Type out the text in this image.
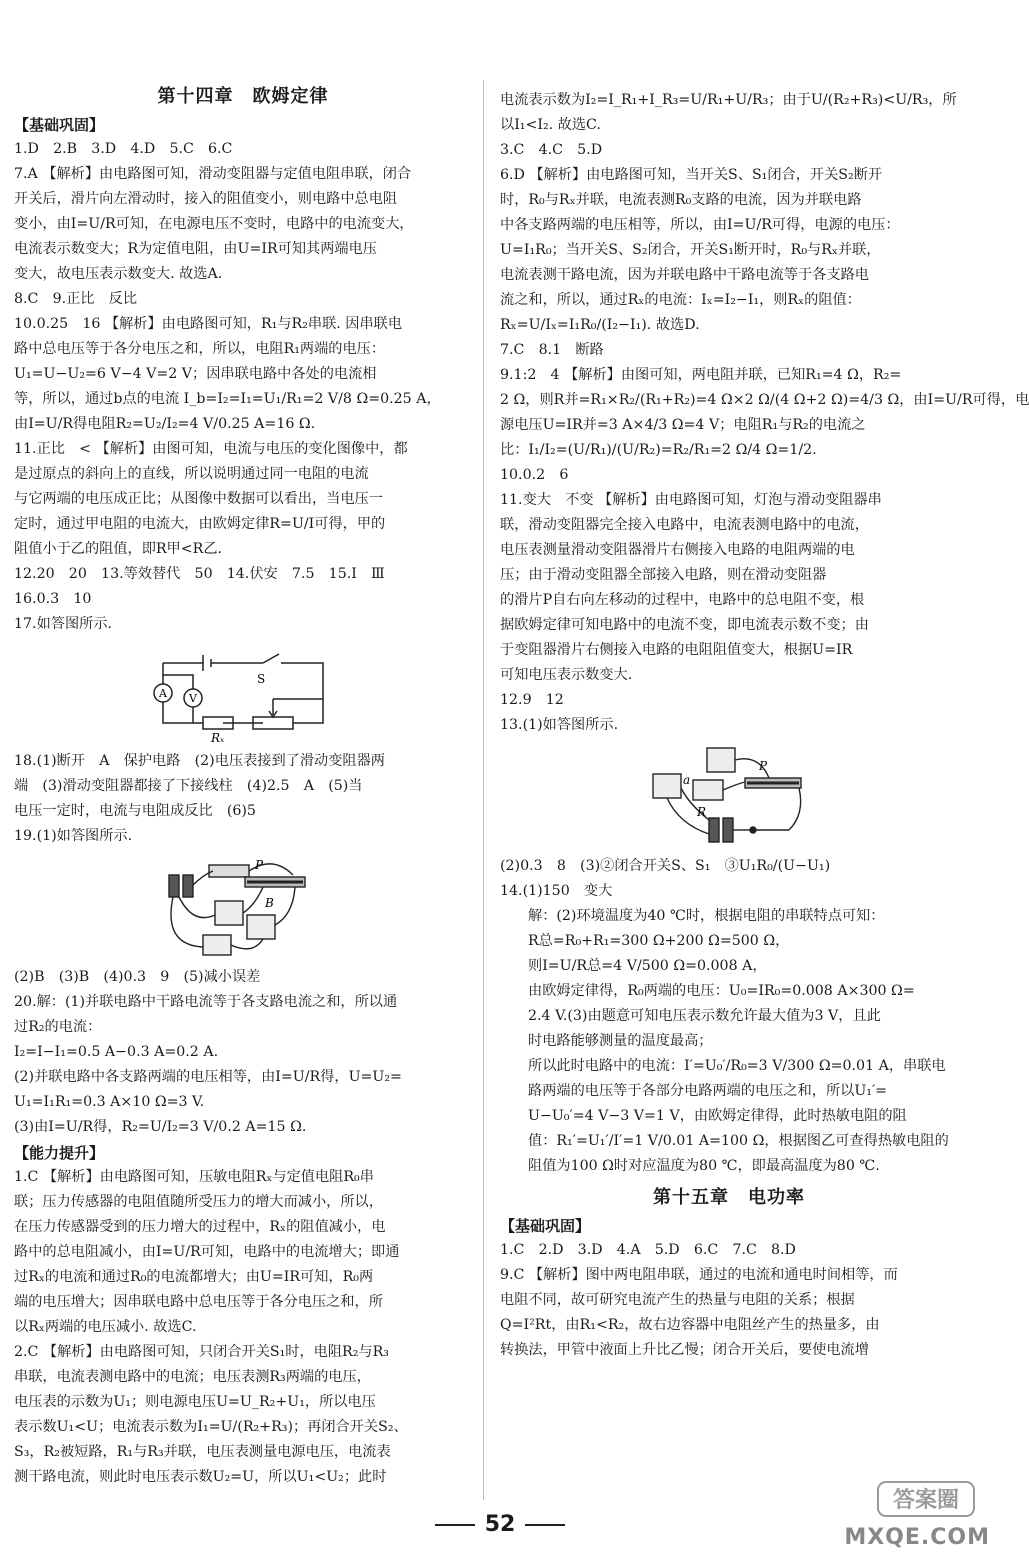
第十四章　欧姆定律
【基础巩固】
1.D　2.B　3.D　4.D　5.C　6.C
7.A 【解析】由电路图可知，滑动变阻器与定值电阻串联，闭合
开关后，滑片向左滑动时，接入的阻值变小，则电路中总电阻
变小，由I=U/R可知，在电源电压不变时，电路中的电流变大，
电流表示数变大；R为定值电阻，由U=IR可知其两端电压
变大，故电压表示数变大. 故选A.
8.C　9.正比　反比
10.0.25　16 【解析】由电路图可知，R₁与R₂串联. 因串联电
路中总电压等于各分电压之和，所以，电阻R₁两端的电压：
U₁=U−U₂=6 V−4 V=2 V；因串联电路中各处的电流相
等，所以，通过b点的电流 I_b=I₂=I₁=U₁/R₁=2 V/8 Ω=0.25 A，
由I=U/R得电阻R₂=U₂/I₂=4 V/0.25 A=16 Ω.
11.正比　< 【解析】由图可知，电流与电压的变化图像中，都
是过原点的斜向上的直线，所以说明通过同一电阻的电流
与它两端的电压成正比；从图像中数据可以看出，当电压一
定时，通过甲电阻的电流大，由欧姆定律R=U/I可得，甲的
阻值小于乙的阻值，即R甲<R乙.
12.20　20　13.等效替代　50　14.伏安　7.5　15.Ⅰ　Ⅲ
16.0.3　10
17.如答图所示.
A V
S
Rₓ
18.(1)断开　A　保护电路　(2)电压表接到了滑动变阻器两
端　(3)滑动变阻器都接了下接线柱　(4)2.5　A　(5)当
电压一定时，电流与电阻成反比　(6)5
19.(1)如答图所示.
P
B
(2)B　(3)B　(4)0.3　9　(5)减小误差
20.解：(1)并联电路中干路电流等于各支路电流之和，所以通
过R₂的电流：
I₂=I−I₁=0.5 A−0.3 A=0.2 A.
(2)并联电路中各支路两端的电压相等，由I=U/R得，U=U₂=
U₁=I₁R₁=0.3 A×10 Ω=3 V.
(3)由I=U/R得，R₂=U/I₂=3 V/0.2 A=15 Ω.
【能力提升】
1.C 【解析】由电路图可知，压敏电阻Rₓ与定值电阻R₀串
联；压力传感器的电阻值随所受压力的增大而减小，所以，
在压力传感器受到的压力增大的过程中，Rₓ的阻值减小，电
路中的总电阻减小，由I=U/R可知，电路中的电流增大；即通
过Rₓ的电流和通过R₀的电流都增大；由U=IR可知，R₀两
端的电压增大；因串联电路中总电压等于各分电压之和，所
以Rₓ两端的电压减小. 故选C.
2.C 【解析】由电路图可知，只闭合开关S₁时，电阻R₂与R₃
串联，电流表测电路中的电流；电压表测R₃两端的电压，
电压表的示数为U₁；则电源电压U=U_R₂+U₁，所以电压
表示数U₁<U；电流表示数为I₁=U/(R₂+R₃)；再闭合开关S₂、
S₃，R₂被短路，R₁与R₃并联，电压表测量电源电压，电流表
测干路电流，则此时电压表示数U₂=U，所以U₁<U₂；此时
电流表示数为I₂=I_R₁+I_R₃=U/R₁+U/R₃；由于U/(R₂+R₃)<U/R₃，所
以I₁<I₂. 故选C.
3.C　4.C　5.D
6.D 【解析】由电路图可知，当开关S、S₁闭合，开关S₂断开
时，R₀与Rₓ并联，电流表测R₀支路的电流，因为并联电路
中各支路两端的电压相等，所以，由I=U/R可得，电源的电压：
U=I₁R₀；当开关S、S₂闭合，开关S₁断开时，R₀与Rₓ并联，
电流表测干路电流，因为并联电路中干路电流等于各支路电
流之和，所以，通过Rₓ的电流：Iₓ=I₂−I₁，则Rₓ的阻值：
Rₓ=U/Iₓ=I₁R₀/(I₂−I₁). 故选D.
7.C　8.1　断路
9.1:2　4 【解析】由图可知，两电阻并联，已知R₁=4 Ω，R₂=
2 Ω，则R并=R₁×R₂/(R₁+R₂)=4 Ω×2 Ω/(4 Ω+2 Ω)=4/3 Ω，由I=U/R可得，电
源电压U=IR并=3 A×4/3 Ω=4 V；电阻R₁与R₂的电流之
比：I₁/I₂=(U/R₁)/(U/R₂)=R₂/R₁=2 Ω/4 Ω=1/2.
10.0.2　6
11.变大　不变 【解析】由电路图可知，灯泡与滑动变阻器串
联，滑动变阻器完全接入电路中，电流表测电路中的电流，
电压表测量滑动变阻器滑片右侧接入电路的电阻两端的电
压；由于滑动变阻器全部接入电路，则在滑动变阻器
的滑片P自右向左移动的过程中，电路中的总电阻不变，根
据欧姆定律可知电路中的电流不变，即电流表示数不变；由
于变阻器滑片右侧接入电路的电阻阻值变大，根据U=IR
可知电压表示数变大.
12.9　12
13.(1)如答图所示.
P
a
R
(2)0.3　8　(3)②闭合开关S、S₁　③U₁R₀/(U−U₁)
14.(1)150　变大
解：(2)环境温度为40 ℃时，根据电阻的串联特点可知：
R总=R₀+R₁=300 Ω+200 Ω=500 Ω，
则I=U/R总=4 V/500 Ω=0.008 A，
由欧姆定律得，R₀两端的电压：U₀=IR₀=0.008 A×300 Ω=
2.4 V.(3)由题意可知电压表示数允许最大值为3 V，且此
时电路能够测量的温度最高；
所以此时电路中的电流：I′=U₀′/R₀=3 V/300 Ω=0.01 A，串联电
路两端的电压等于各部分电路两端的电压之和，所以U₁′=
U−U₀′=4 V−3 V=1 V，由欧姆定律得，此时热敏电阻的阻
值：R₁′=U₁′/I′=1 V/0.01 A=100 Ω，根据图乙可查得热敏电阻的
阻值为100 Ω时对应温度为80 ℃，即最高温度为80 ℃.
第十五章　电功率
【基础巩固】
1.C　2.D　3.D　4.A　5.D　6.C　7.C　8.D
9.C 【解析】图中两电阻串联，通过的电流和通电时间相等，而
电阻不同，故可研究电流产生的热量与电阻的关系；根据
Q=I²Rt，由R₁<R₂，故右边容器中电阻丝产生的热量多，由
转换法，甲管中液面上升比乙慢；闭合开关后，要使电流增
52
答案圈
MXQE.COM
